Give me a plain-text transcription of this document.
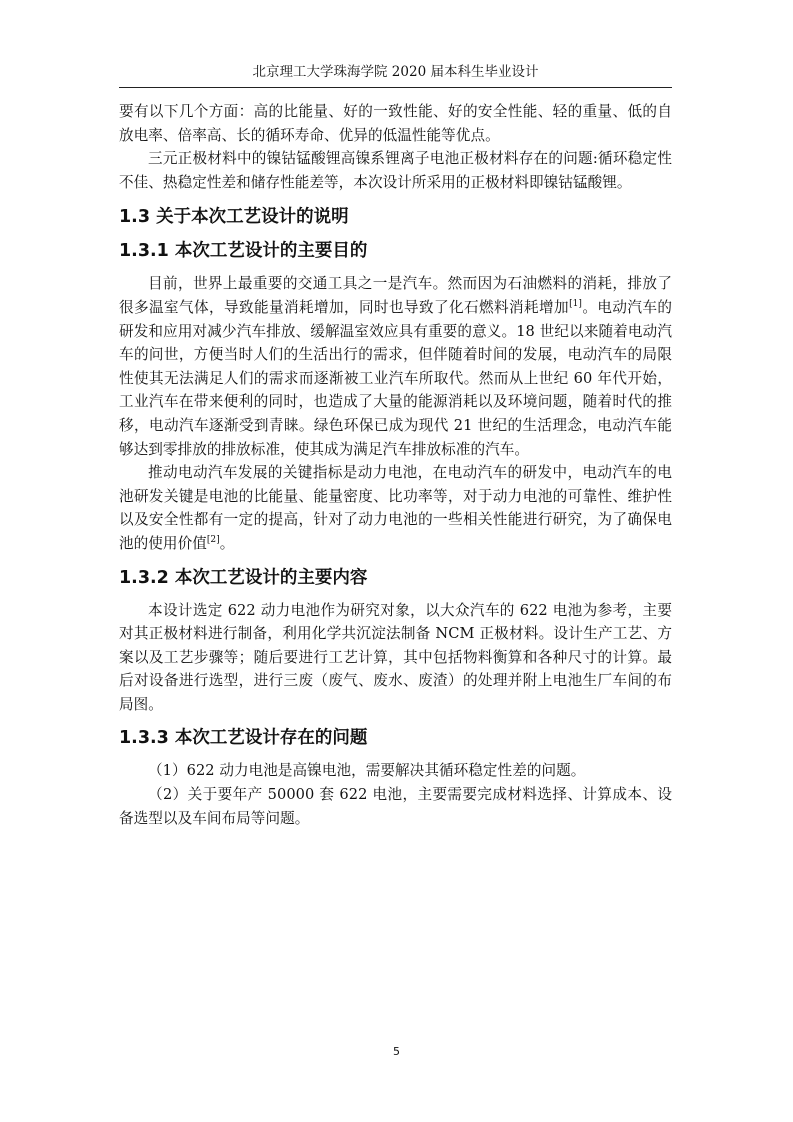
北京理工大学珠海学院 2020 届本科生毕业设计

要有以下几个方面：高的比能量、好的一致性能、好的安全性能、轻的重量、低的自放电率、倍率高、长的循环寿命、优异的低温性能等优点。

三元正极材料中的镍钴锰酸锂高镍系锂离子电池正极材料存在的问题:循环稳定性不佳、热稳定性差和储存性能差等，本次设计所采用的正极材料即镍钴锰酸锂。

1.3 关于本次工艺设计的说明
1.3.1 本次工艺设计的主要目的

目前，世界上最重要的交通工具之一是汽车。然而因为石油燃料的消耗，排放了很多温室气体，导致能量消耗增加，同时也导致了化石燃料消耗增加[1]。电动汽车的研发和应用对减少汽车排放、缓解温室效应具有重要的意义。18 世纪以来随着电动汽车的问世，方便当时人们的生活出行的需求，但伴随着时间的发展，电动汽车的局限性使其无法满足人们的需求而逐渐被工业汽车所取代。然而从上世纪 60 年代开始，工业汽车在带来便利的同时，也造成了大量的能源消耗以及环境问题，随着时代的推移，电动汽车逐渐受到青睐。绿色环保已成为现代 21 世纪的生活理念，电动汽车能够达到零排放的排放标准，使其成为满足汽车排放标准的汽车。

推动电动汽车发展的关键指标是动力电池，在电动汽车的研发中，电动汽车的电池研发关键是电池的比能量、能量密度、比功率等，对于动力电池的可靠性、维护性以及安全性都有一定的提高，针对了动力电池的一些相关性能进行研究，为了确保电池的使用价值[2]。

1.3.2 本次工艺设计的主要内容

本设计选定 622 动力电池作为研究对象，以大众汽车的 622 电池为参考，主要对其正极材料进行制备，利用化学共沉淀法制备 NCM 正极材料。设计生产工艺、方案以及工艺步骤等；随后要进行工艺计算，其中包括物料衡算和各种尺寸的计算。最后对设备进行选型，进行三废（废气、废水、废渣）的处理并附上电池生厂车间的布局图。

1.3.3 本次工艺设计存在的问题

（1）622 动力电池是高镍电池，需要解决其循环稳定性差的问题。

（2）关于要年产 50000 套 622 电池，主要需要完成材料选择、计算成本、设备选型以及车间布局等问题。

5
